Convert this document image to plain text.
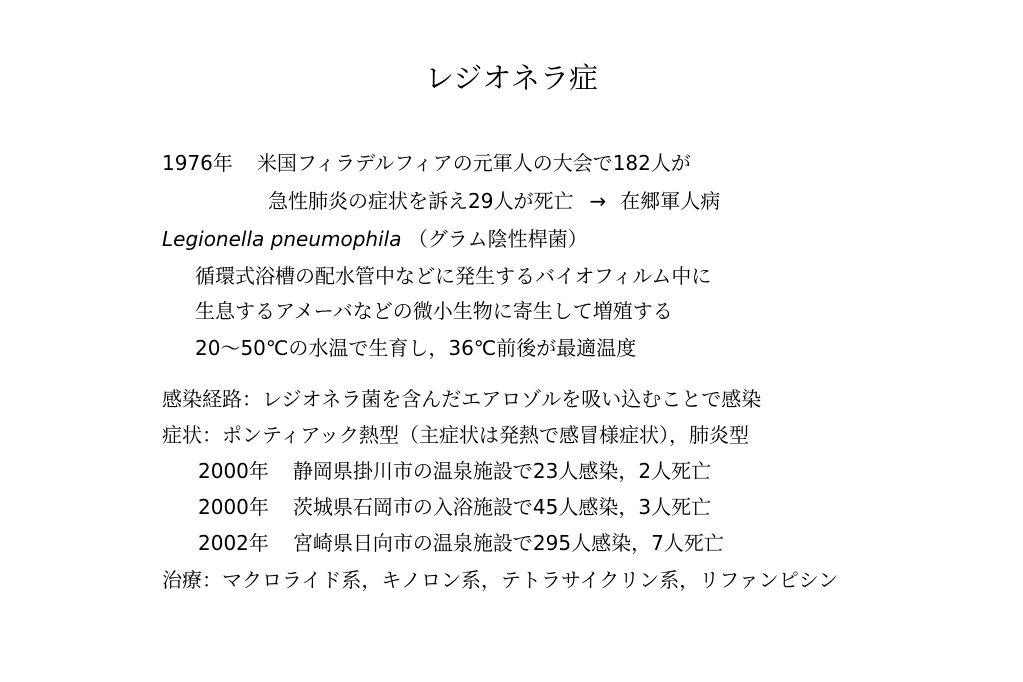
レジオネラ症
1976年 米国フィラデルフィアの元軍人の大会で182人が
急性肺炎の症状を訴え29人が死亡 → 在郷軍人病
Legionella pneumophila （グラム陰性桿菌）
循環式浴槽の配水管中などに発生するバイオフィルム中に
生息するアメーバなどの微小生物に寄生して増殖する
20～50℃の水温で生育し，36℃前後が最適温度
感染経路：レジオネラ菌を含んだエアロゾルを吸い込むことで感染
症状：ポンティアック熱型（主症状は発熱で感冒様症状），肺炎型
2000年 静岡県掛川市の温泉施設で23人感染，2人死亡
2000年 茨城県石岡市の入浴施設で45人感染，3人死亡
2002年 宮崎県日向市の温泉施設で295人感染，7人死亡
治療：マクロライド系，キノロン系，テトラサイクリン系，リファンピシン
